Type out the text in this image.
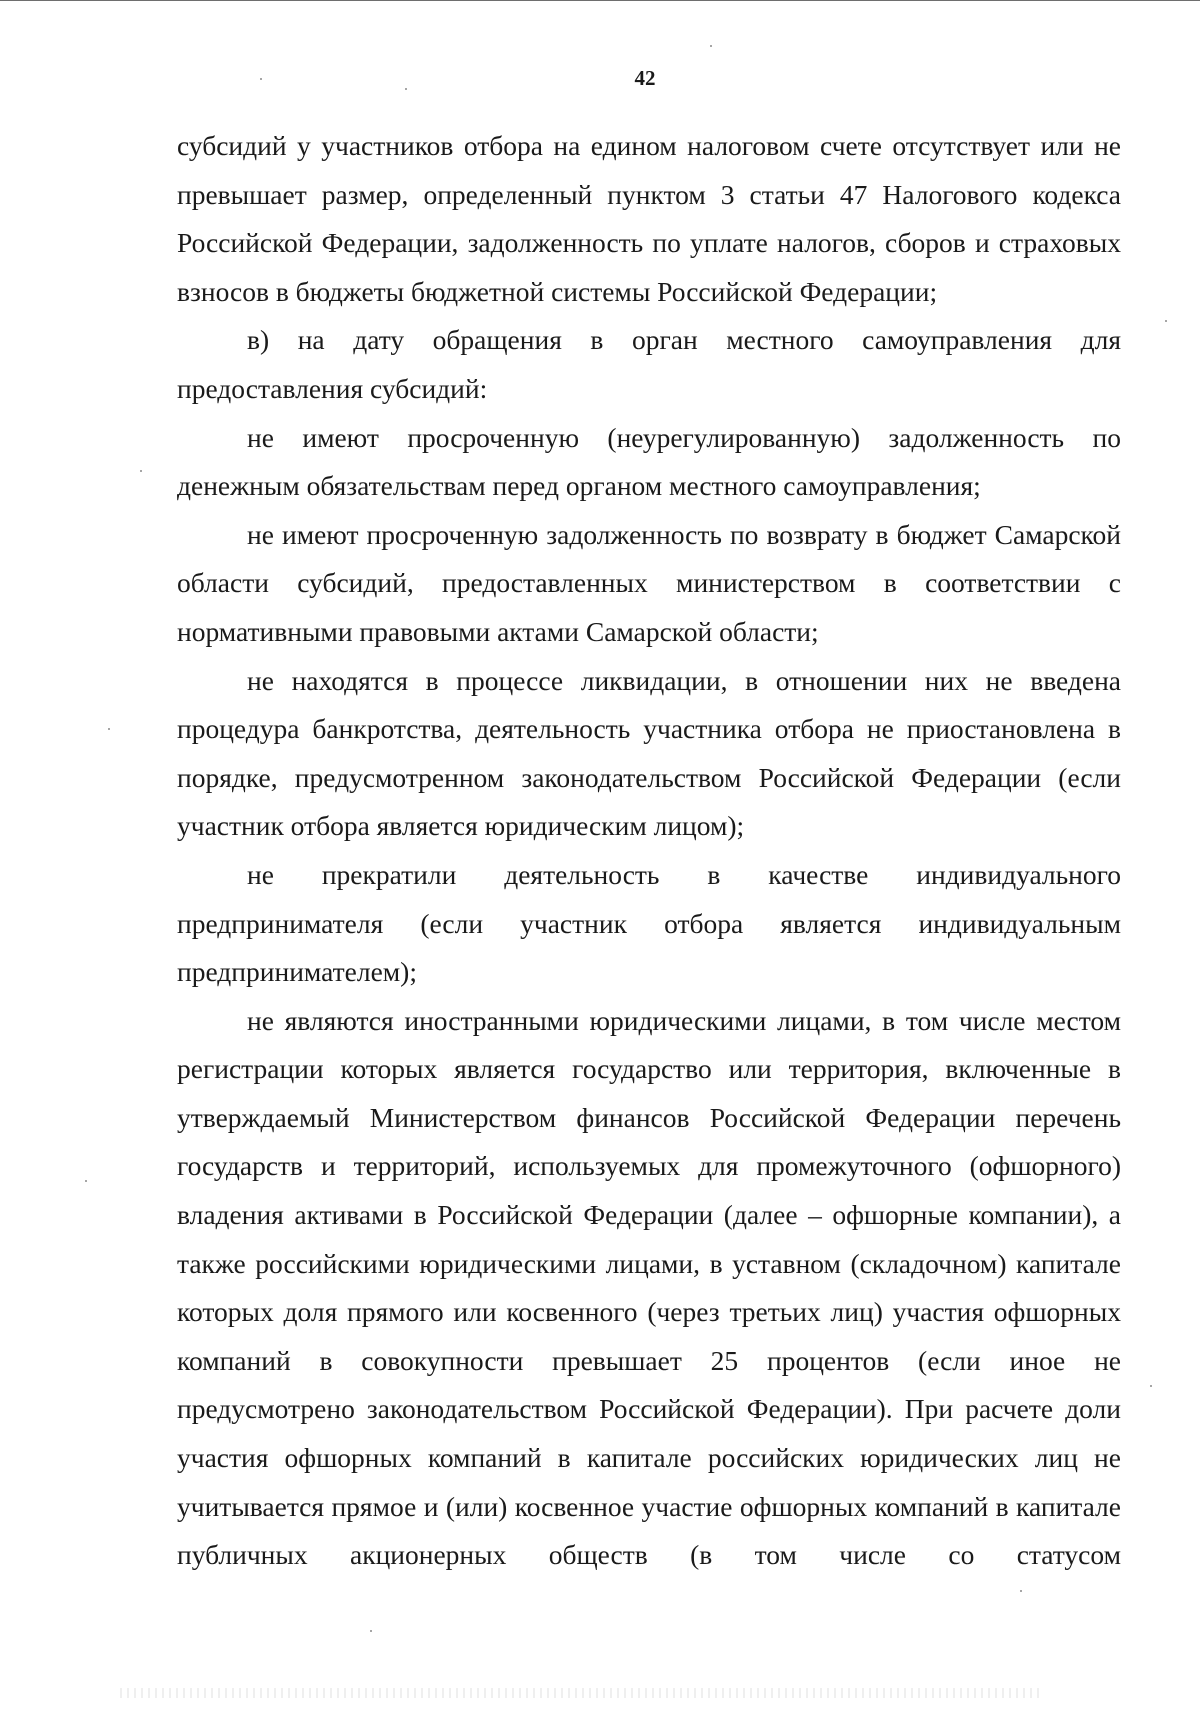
42

субсидий у участников отбора на едином налоговом счете отсутствует или не превышает размер, определенный пунктом 3 статьи 47 Налогового кодекса Российской Федерации, задолженность по уплате налогов, сборов и страховых взносов в бюджеты бюджетной системы Российской Федерации;

в) на дату обращения в орган местного самоуправления для предоставления субсидий:

не имеют просроченную (неурегулированную) задолженность по денежным обязательствам перед органом местного самоуправления;

не имеют просроченную задолженность по возврату в бюджет Самарской области субсидий, предоставленных министерством в соответствии с нормативными правовыми актами Самарской области;

не находятся в процессе ликвидации, в отношении них не введена процедура банкротства, деятельность участника отбора не приостановлена в порядке, предусмотренном законодательством Российской Федерации (если участник отбора является юридическим лицом);

не прекратили деятельность в качестве индивидуального предпринимателя (если участник отбора является индивидуальным предпринимателем);

не являются иностранными юридическими лицами, в том числе местом регистрации которых является государство или территория, включенные в утверждаемый Министерством финансов Российской Федерации перечень государств и территорий, используемых для промежуточного (офшорного) владения активами в Российской Федерации (далее – офшорные компании), а также российскими юридическими лицами, в уставном (складочном) капитале которых доля прямого или косвенного (через третьих лиц) участия офшорных компаний в совокупности превышает 25 процентов (если иное не предусмотрено законодательством Российской Федерации). При расчете доли участия офшорных компаний в капитале российских юридических лиц не учитывается прямое и (или) косвенное участие офшорных компаний в капитале публичных акционерных обществ (в том числе со статусом
